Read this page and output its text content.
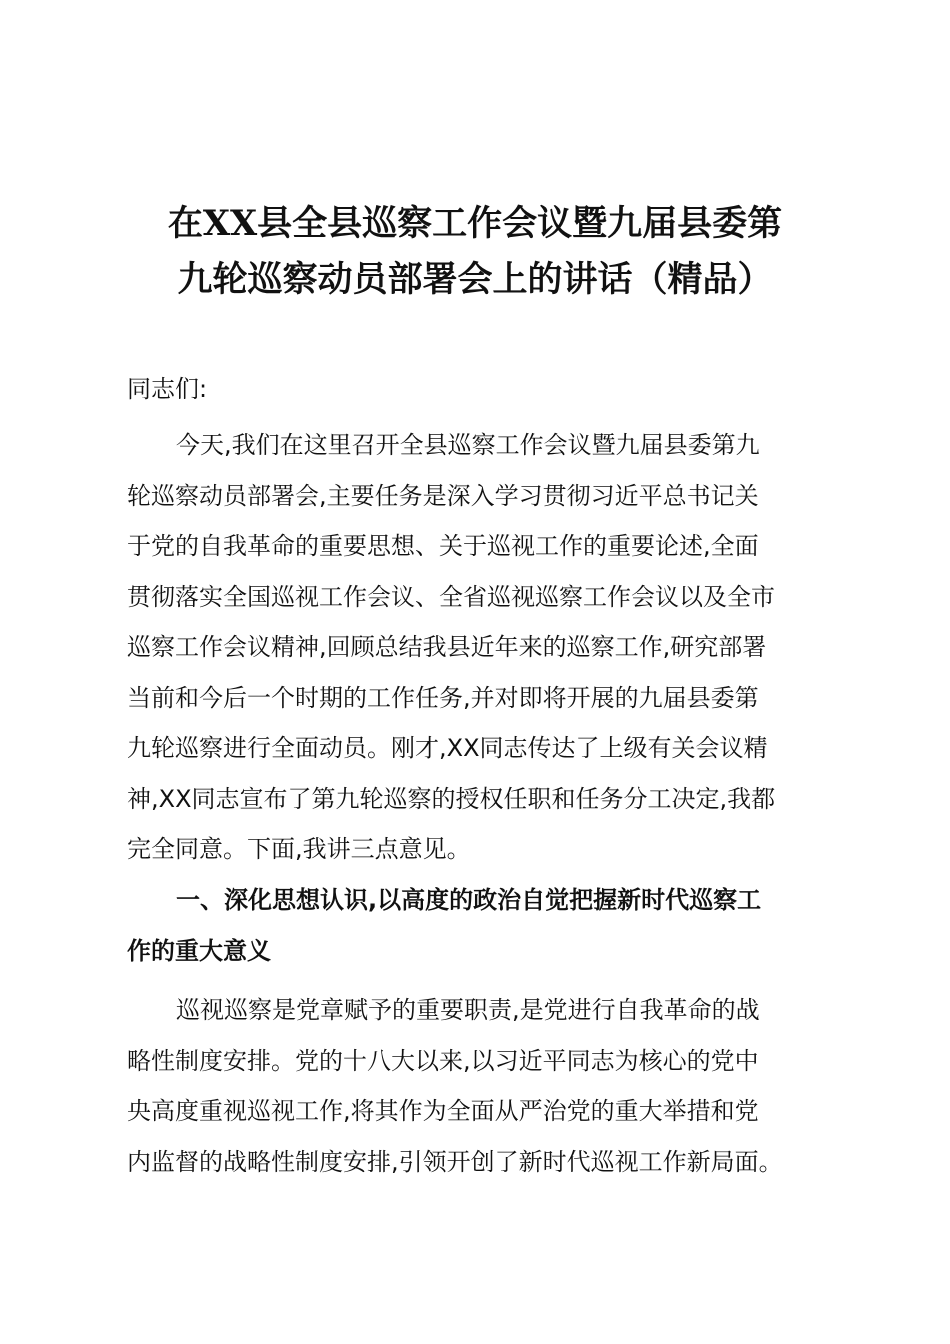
在XX县全县巡察工作会议暨九届县委第
九轮巡察动员部署会上的讲话（精品）

同志们:

今天,我们在这里召开全县巡察工作会议暨九届县委第九
轮巡察动员部署会,主要任务是深入学习贯彻习近平总书记关
于党的自我革命的重要思想、关于巡视工作的重要论述,全面
贯彻落实全国巡视工作会议、全省巡视巡察工作会议以及全市
巡察工作会议精神,回顾总结我县近年来的巡察工作,研究部署
当前和今后一个时期的工作任务,并对即将开展的九届县委第
九轮巡察进行全面动员。刚才,XX同志传达了上级有关会议精
神,XX同志宣布了第九轮巡察的授权任职和任务分工决定,我都
完全同意。下面,我讲三点意见。

一、深化思想认识,以高度的政治自觉把握新时代巡察工
作的重大意义

巡视巡察是党章赋予的重要职责,是党进行自我革命的战
略性制度安排。党的十八大以来,以习近平同志为核心的党中
央高度重视巡视工作,将其作为全面从严治党的重大举措和党
内监督的战略性制度安排,引领开创了新时代巡视工作新局面。
